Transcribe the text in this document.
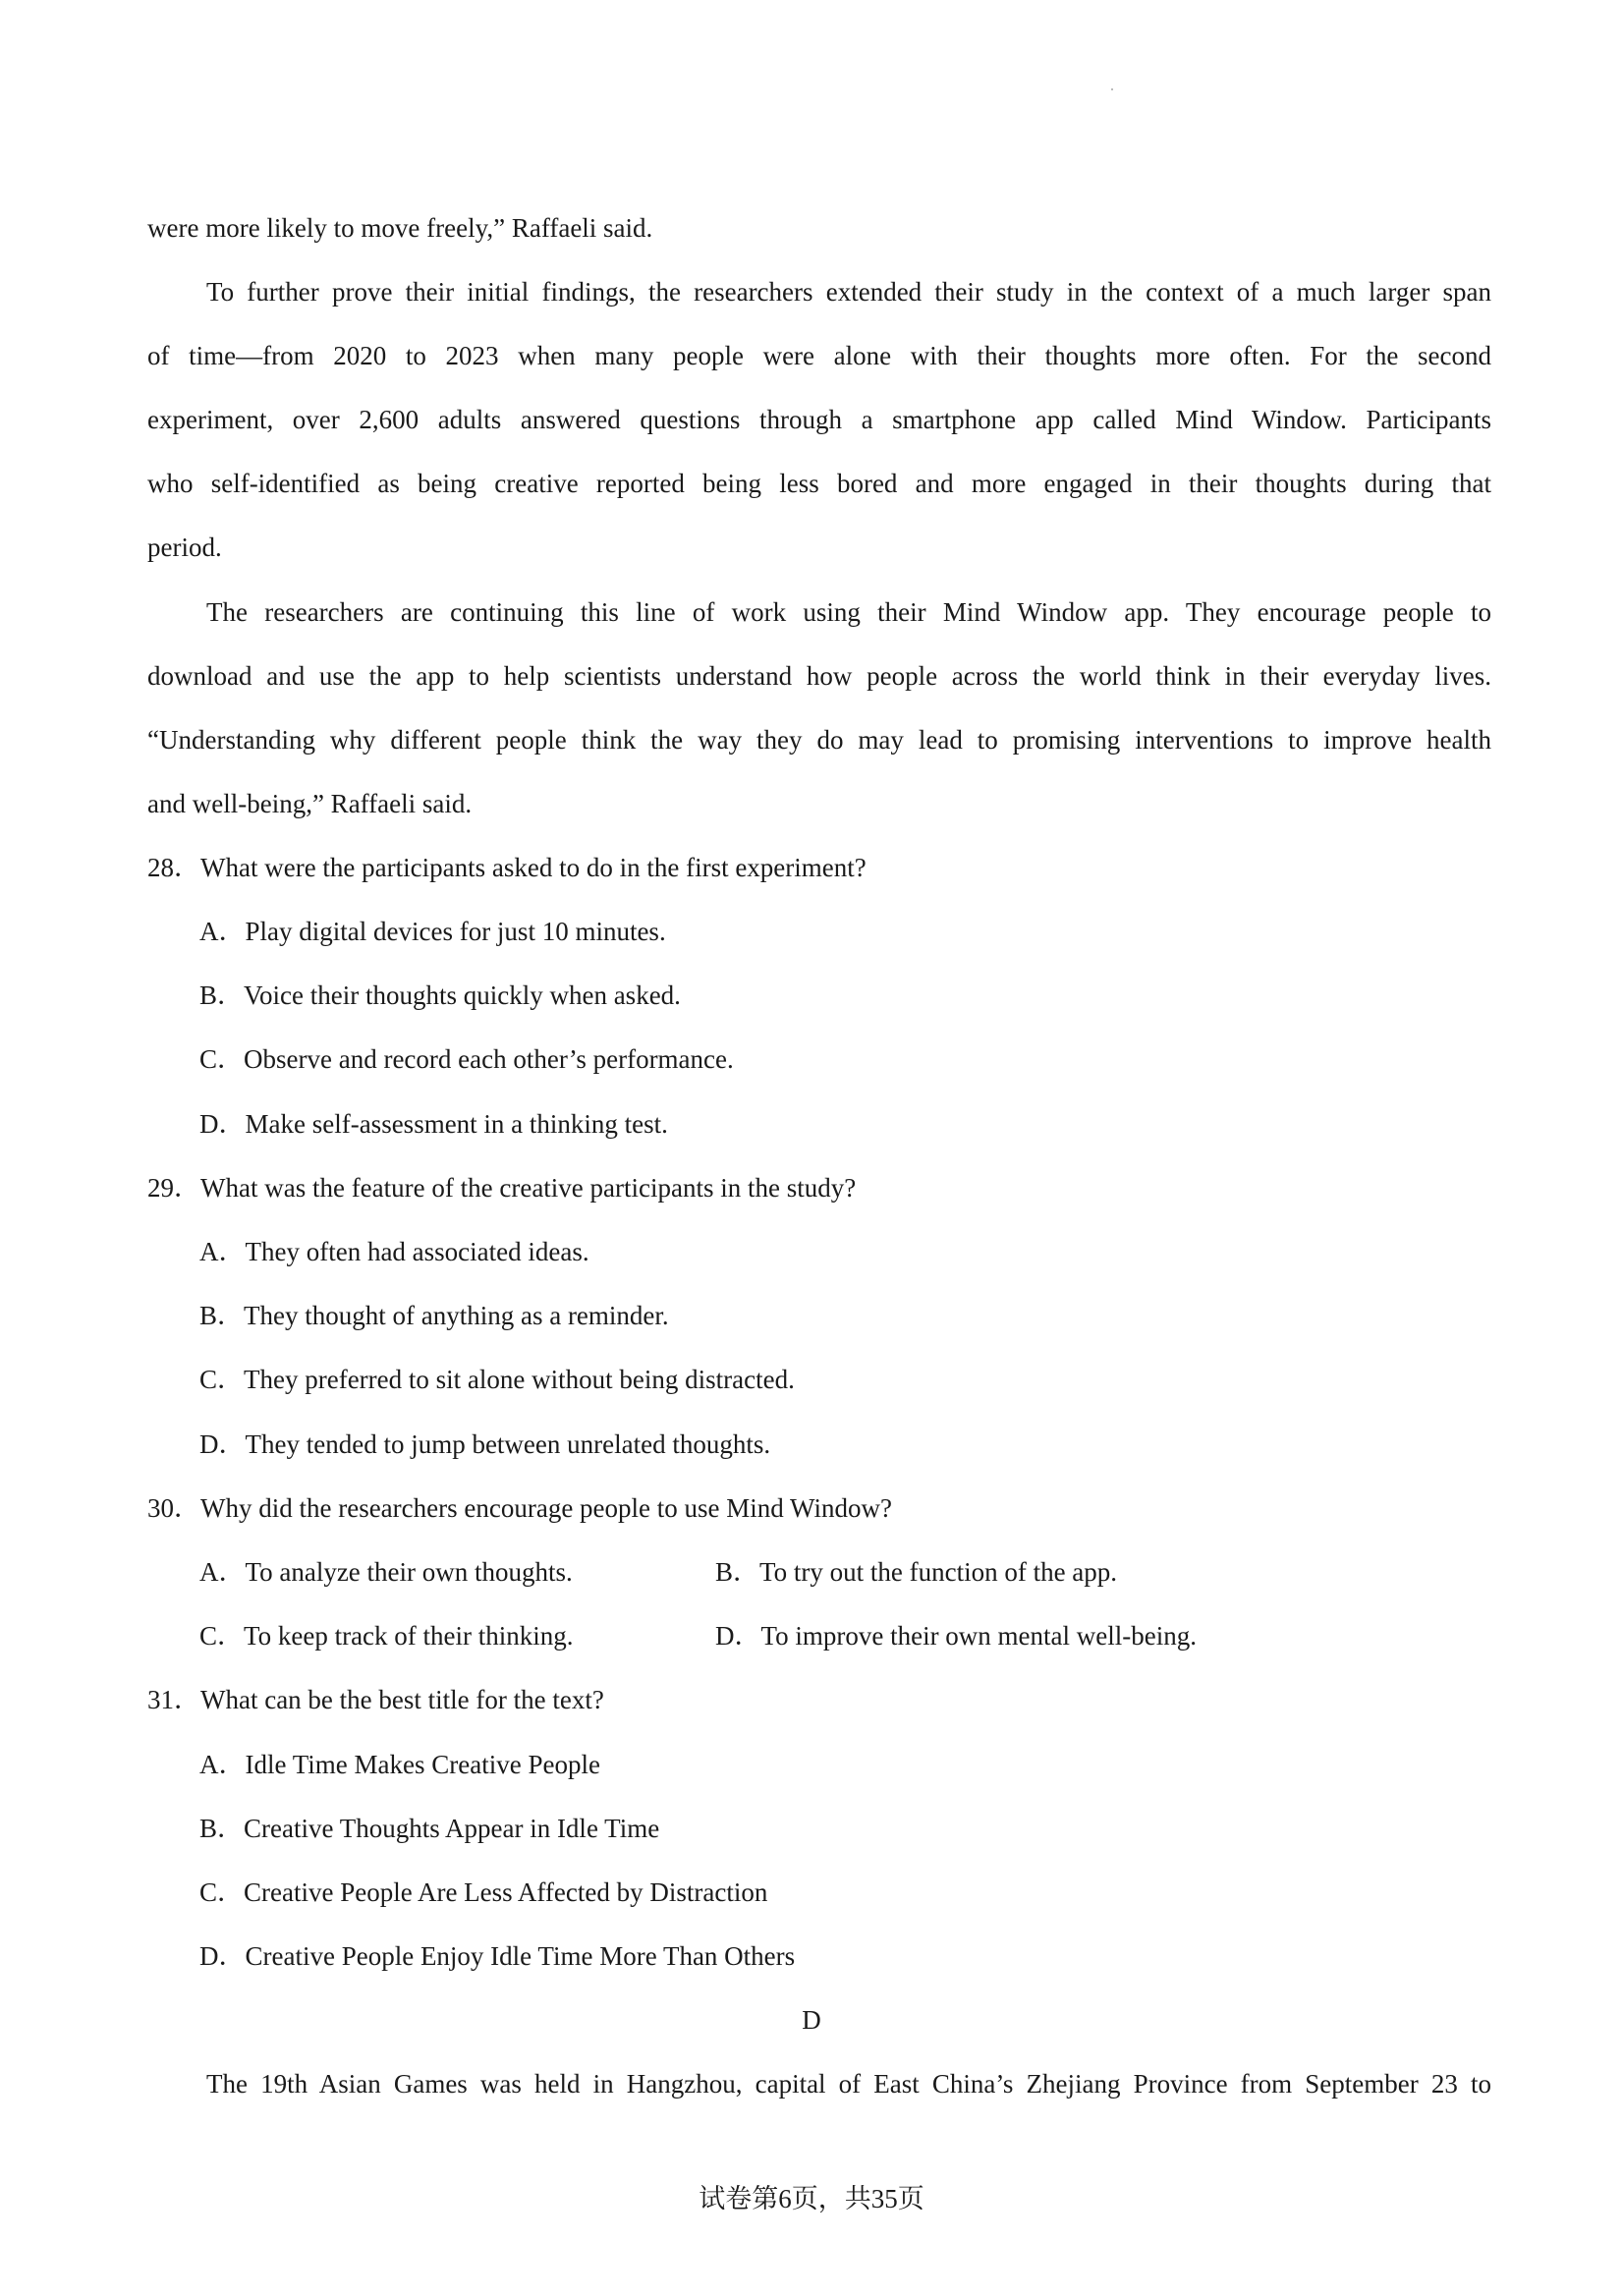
were more likely to move freely,” Raffaeli said.
To further prove their initial findings, the researchers extended their study in the context of a much larger span
of time—from 2020 to 2023 when many people were alone with their thoughts more often. For the second
experiment, over 2,600 adults answered questions through a smartphone app called Mind Window. Participants
who self-identified as being creative reported being less bored and more engaged in their thoughts during that
period.
The researchers are continuing this line of work using their Mind Window app. They encourage people to
download and use the app to help scientists understand how people across the world think in their everyday lives.
“Understanding why different people think the way they do may lead to promising interventions to improve health
and well-being,” Raffaeli said.
28．What were the participants asked to do in the first experiment?
A．Play digital devices for just 10 minutes.
B．Voice their thoughts quickly when asked.
C．Observe and record each other’s performance.
D．Make self-assessment in a thinking test.
29．What was the feature of the creative participants in the study?
A．They often had associated ideas.
B．They thought of anything as a reminder.
C．They preferred to sit alone without being distracted.
D．They tended to jump between unrelated thoughts.
30．Why did the researchers encourage people to use Mind Window?
A．To analyze their own thoughts.	B．To try out the function of the app.
C．To keep track of their thinking.	D．To improve their own mental well-being.
31．What can be the best title for the text?
A．Idle Time Makes Creative People
B．Creative Thoughts Appear in Idle Time
C．Creative People Are Less Affected by Distraction
D．Creative People Enjoy Idle Time More Than Others
D
The 19th Asian Games was held in Hangzhou, capital of East China’s Zhejiang Province from September 23 to
试卷第6页，共35页
